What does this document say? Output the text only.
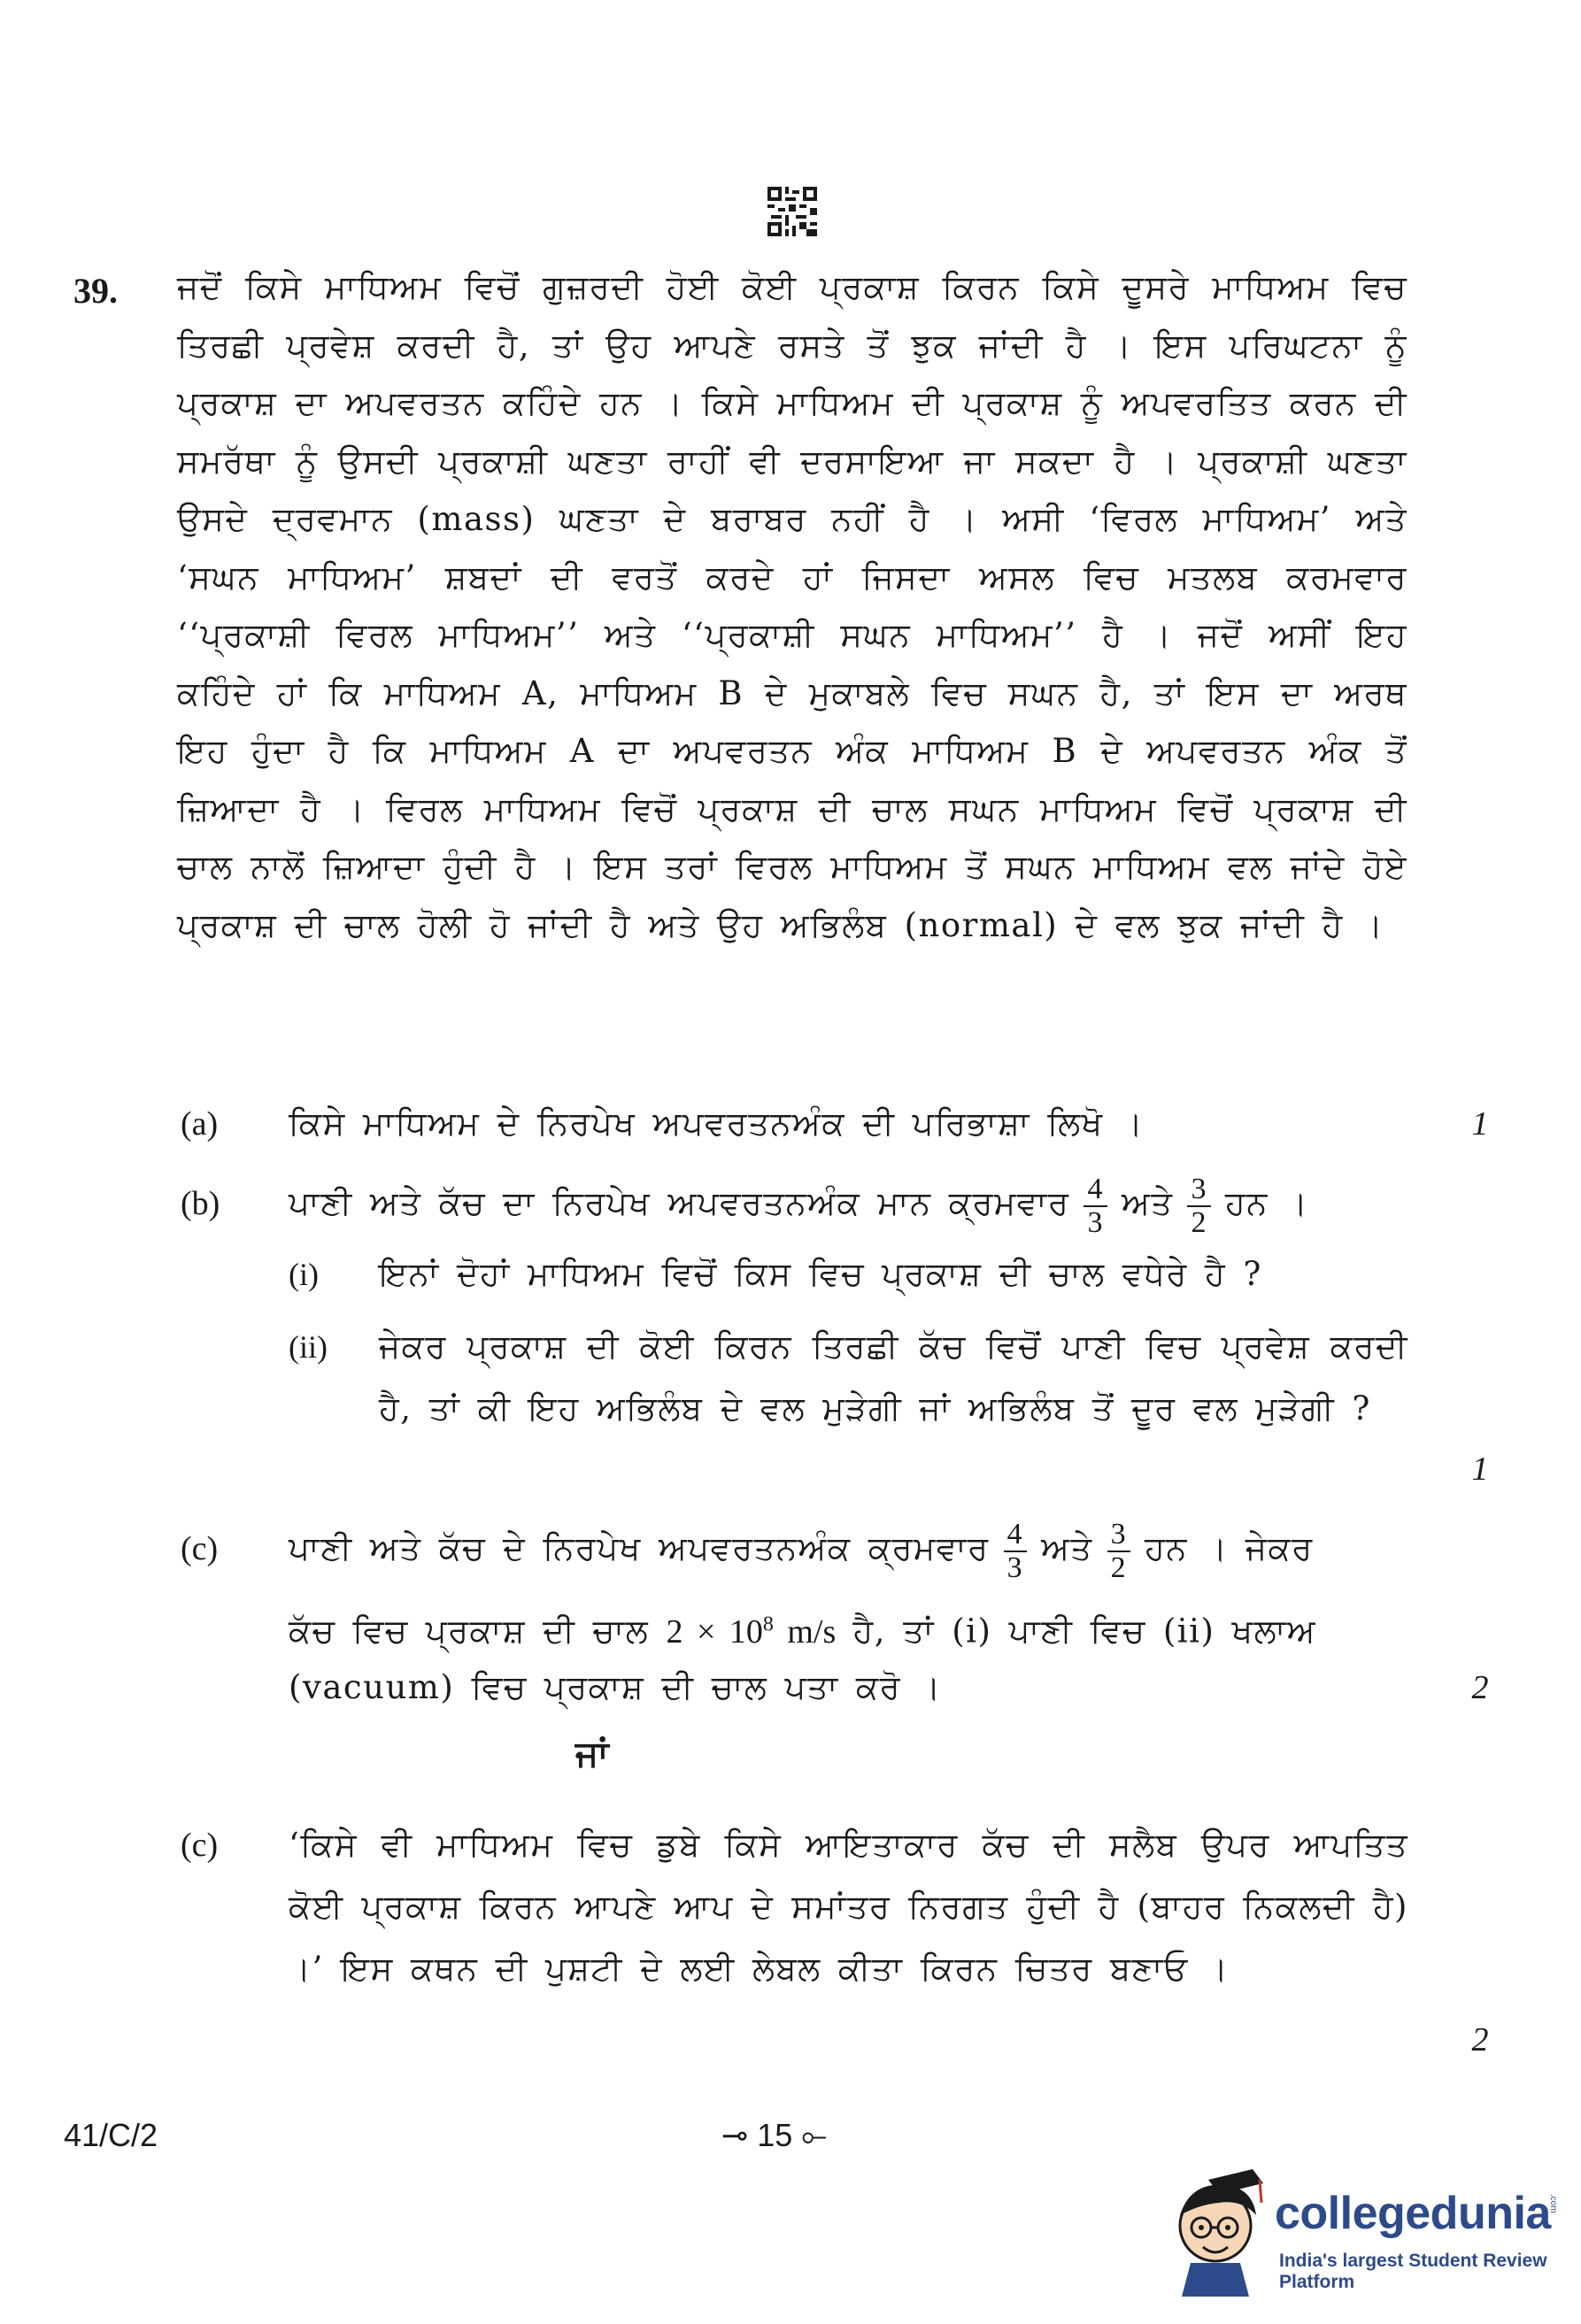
39. ਜਦੋਂ ਕਿਸੇ ਮਾਧਿਅਮ ਵਿਚੋਂ ਗੁਜ਼ਰਦੀ ਹੋਈ ਕੋਈ ਪ੍ਰਕਾਸ਼ ਕਿਰਨ ਕਿਸੇ ਦੂਸਰੇ ਮਾਧਿਅਮ ਵਿਚ ਤਿਰਛੀ ਪ੍ਰਵੇਸ਼ ਕਰਦੀ ਹੈ, ਤਾਂ ਉਹ ਆਪਣੇ ਰਸਤੇ ਤੋਂ ਝੁਕ ਜਾਂਦੀ ਹੈ । ਇਸ ਪਰਿਘਟਨਾ ਨੂੰ ਪ੍ਰਕਾਸ਼ ਦਾ ਅਪਵਰਤਨ ਕਹਿੰਦੇ ਹਨ । ਕਿਸੇ ਮਾਧਿਅਮ ਦੀ ਪ੍ਰਕਾਸ਼ ਨੂੰ ਅਪਵਰਤਿਤ ਕਰਨ ਦੀ ਸਮਰੱਥਾ ਨੂੰ ਉਸਦੀ ਪ੍ਰਕਾਸ਼ੀ ਘਣਤਾ ਰਾਹੀਂ ਵੀ ਦਰਸਾਇਆ ਜਾ ਸਕਦਾ ਹੈ । ਪ੍ਰਕਾਸ਼ੀ ਘਣਤਾ ਉਸਦੇ ਦ੍ਰਵਮਾਨ (mass) ਘਣਤਾ ਦੇ ਬਰਾਬਰ ਨਹੀਂ ਹੈ । ਅਸੀ ‘ਵਿਰਲ ਮਾਧਿਅਮ’ ਅਤੇ ‘ਸਘਨ ਮਾਧਿਅਮ’ ਸ਼ਬਦਾਂ ਦੀ ਵਰਤੋਂ ਕਰਦੇ ਹਾਂ ਜਿਸਦਾ ਅਸਲ ਵਿਚ ਮਤਲਬ ਕਰਮਵਾਰ ‘‘ਪ੍ਰਕਾਸ਼ੀ ਵਿਰਲ ਮਾਧਿਅਮ’’ ਅਤੇ ‘‘ਪ੍ਰਕਾਸ਼ੀ ਸਘਨ ਮਾਧਿਅਮ’’ ਹੈ । ਜਦੋਂ ਅਸੀਂ ਇਹ ਕਹਿੰਦੇ ਹਾਂ ਕਿ ਮਾਧਿਅਮ A, ਮਾਧਿਅਮ B ਦੇ ਮੁਕਾਬਲੇ ਵਿਚ ਸਘਨ ਹੈ, ਤਾਂ ਇਸ ਦਾ ਅਰਥ ਇਹ ਹੁੰਦਾ ਹੈ ਕਿ ਮਾਧਿਅਮ A ਦਾ ਅਪਵਰਤਨ ਅੰਕ ਮਾਧਿਅਮ B ਦੇ ਅਪਵਰਤਨ ਅੰਕ ਤੋਂ ਜ਼ਿਆਦਾ ਹੈ । ਵਿਰਲ ਮਾਧਿਅਮ ਵਿਚੋਂ ਪ੍ਰਕਾਸ਼ ਦੀ ਚਾਲ ਸਘਨ ਮਾਧਿਅਮ ਵਿਚੋਂ ਪ੍ਰਕਾਸ਼ ਦੀ ਚਾਲ ਨਾਲੋਂ ਜ਼ਿਆਦਾ ਹੁੰਦੀ ਹੈ । ਇਸ ਤਰਾਂ ਵਿਰਲ ਮਾਧਿਅਮ ਤੋਂ ਸਘਨ ਮਾਧਿਅਮ ਵਲ ਜਾਂਦੇ ਹੋਏ ਪ੍ਰਕਾਸ਼ ਦੀ ਚਾਲ ਹੋਲੀ ਹੋ ਜਾਂਦੀ ਹੈ ਅਤੇ ਉਹ ਅਭਿਲੰਬ (normal) ਦੇ ਵਲ ਝੁਕ ਜਾਂਦੀ ਹੈ ।

(a) ਕਿਸੇ ਮਾਧਿਅਮ ਦੇ ਨਿਰਪੇਖ ਅਪਵਰਤਨਅੰਕ ਦੀ ਪਰਿਭਾਸ਼ਾ ਲਿਖੋ ।	1
(b) ਪਾਣੀ ਅਤੇ ਕੱਚ ਦਾ ਨਿਰਪੇਖ ਅਪਵਰਤਨਅੰਕ ਮਾਨ ਕ੍ਰਮਵਾਰ $\frac{4}{3}$ ਅਤੇ $\frac{3}{2}$ ਹਨ ।
(i) ਇਨਾਂ ਦੋਹਾਂ ਮਾਧਿਅਮ ਵਿਚੋਂ ਕਿਸ ਵਿਚ ਪ੍ਰਕਾਸ਼ ਦੀ ਚਾਲ ਵਧੇਰੇ ਹੈ ?
(ii) ਜੇਕਰ ਪ੍ਰਕਾਸ਼ ਦੀ ਕੋਈ ਕਿਰਨ ਤਿਰਛੀ ਕੱਚ ਵਿਚੋਂ ਪਾਣੀ ਵਿਚ ਪ੍ਰਵੇਸ਼ ਕਰਦੀ ਹੈ, ਤਾਂ ਕੀ ਇਹ ਅਭਿਲੰਬ ਦੇ ਵਲ ਮੁੜੇਗੀ ਜਾਂ ਅਭਿਲੰਬ ਤੋਂ ਦੂਰ ਵਲ ਮੁੜੇਗੀ ?
1
(c) ਪਾਣੀ ਅਤੇ ਕੱਚ ਦੇ ਨਿਰਪੇਖ ਅਪਵਰਤਨਅੰਕ ਕ੍ਰਮਵਾਰ $\frac{4}{3}$ ਅਤੇ $\frac{3}{2}$ ਹਨ । ਜੇਕਰ
ਕੱਚ ਵਿਚ ਪ੍ਰਕਾਸ਼ ਦੀ ਚਾਲ $2 \times 10^8$ m/s ਹੈ, ਤਾਂ (i) ਪਾਣੀ ਵਿਚ (ii) ਖਲਾਅ
(vacuum) ਵਿਚ ਪ੍ਰਕਾਸ਼ ਦੀ ਚਾਲ ਪਤਾ ਕਰੋ ।	2
ਜਾਂ
(c) ‘ਕਿਸੇ ਵੀ ਮਾਧਿਅਮ ਵਿਚ ਡੁਬੇ ਕਿਸੇ ਆਇਤਾਕਾਰ ਕੱਚ ਦੀ ਸਲੈਬ ਉਪਰ ਆਪਤਿਤ ਕੋਈ ਪ੍ਰਕਾਸ਼ ਕਿਰਨ ਆਪਣੇ ਆਪ ਦੇ ਸਮਾਂਤਰ ਨਿਰਗਤ ਹੁੰਦੀ ਹੈ (ਬਾਹਰ ਨਿਕਲਦੀ ਹੈ) ।’ ਇਸ ਕਥਨ ਦੀ ਪੁਸ਼ਟੀ ਦੇ ਲਈ ਲੇਬਲ ਕੀਤਾ ਕਿਰਨ ਚਿਤਰ ਬਣਾਓ ।
2
41/C/2	⊸ 15 ⟜
collegedunia
.com
India's largest Student Review Platform
